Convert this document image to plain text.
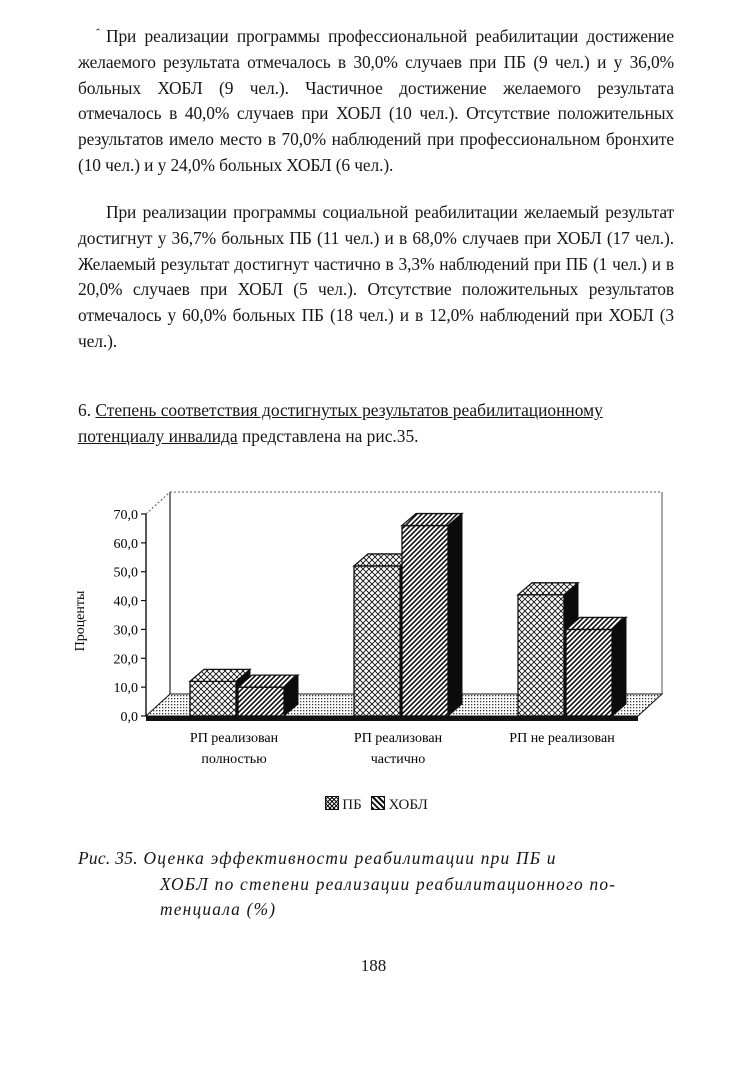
ˆ При реализации программы профессиональной реабилитации достижение желаемого результата отмечалось в 30,0% случаев при ПБ (9 чел.) и у 36,0% больных ХОБЛ (9 чел.). Частичное достижение желаемого результата отмечалось в 40,0% случаев при ХОБЛ (10 чел.). Отсутствие положительных результатов имело место в 70,0% наблюдений при профессиональном бронхите (10 чел.) и у 24,0% больных ХОБЛ (6 чел.).

При реализации программы социальной реабилитации желаемый результат достигнут у 36,7% больных ПБ (11 чел.) и в 68,0% случаев при ХОБЛ (17 чел.). Желаемый результат достигнут частично в 3,3% наблюдений при ПБ (1 чел.) и в 20,0% случаев при ХОБЛ (5 чел.). Отсутствие положительных результатов отмечалось у 60,0% больных ПБ (18 чел.) и в 12,0% наблюдений при ХОБЛ (3 чел.).

6. Степень соответствия достигнутых результатов реабилитационному потенциалу инвалида представлена на рис.35.

0,0
10,0
20,0
30,0
40,0
50,0
60,0
70,0
РП реализован
полностью
РП реализован
частично
РП не реализован
Проценты
ПБ ХОБЛ

Рис. 35. Оценка эффективности реабилитации при ПБ и
ХОБЛ по степени реализации реабилитационного по-
тенциала (%)

188
